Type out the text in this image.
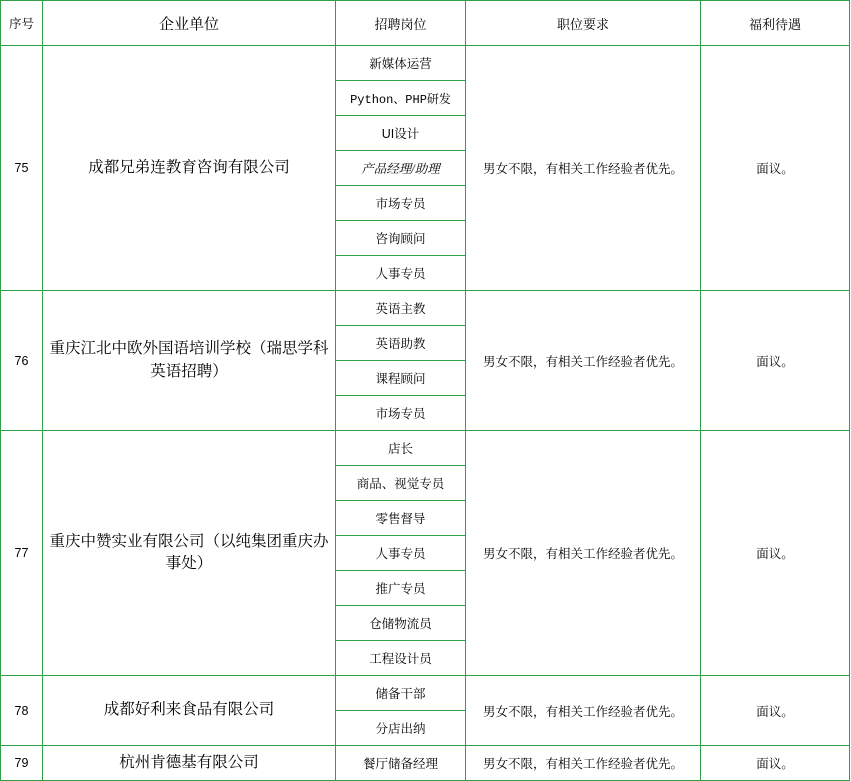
序号	企业单位	招聘岗位	职位要求	福利待遇
75	成都兄弟连教育咨询有限公司	新媒体运营	男女不限，有相关工作经验者优先。	面议。
		Python、PHP研发		
		UI设计		
		产品经理/助理		
		市场专员		
		咨询顾问		
		人事专员		
76	重庆江北中欧外国语培训学校（瑞思学科英语招聘）	英语主教	男女不限，有相关工作经验者优先。	面议。
		英语助教		
		课程顾问		
		市场专员		
77	重庆中赞实业有限公司（以纯集团重庆办事处）	店长	男女不限，有相关工作经验者优先。	面议。
		商品、视觉专员		
		零售督导		
		人事专员		
		推广专员		
		仓储物流员		
		工程设计员		
78	成都好利来食品有限公司	储备干部	男女不限，有相关工作经验者优先。	面议。
		分店出纳		
79	杭州肯德基有限公司	餐厅储备经理	男女不限，有相关工作经验者优先。	面议。
